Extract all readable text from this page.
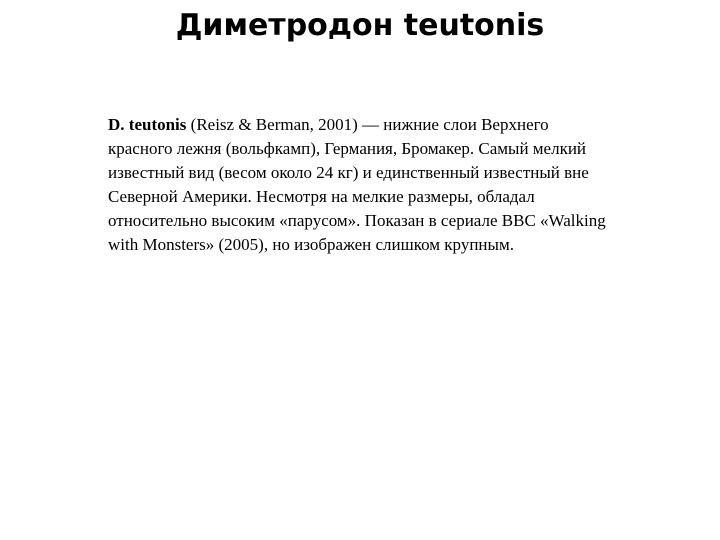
Диметродон teutonis

D. teutonis (Reisz & Berman, 2001) — нижние слои Верхнего красного лежня (вольфкамп), Германия, Бромакер. Самый мелкий известный вид (весом около 24 кг) и единственный известный вне Северной Америки. Несмотря на мелкие размеры, обладал относительно высоким «парусом». Показан в сериале BBC «Walking with Monsters» (2005), но изображен слишком крупным.
